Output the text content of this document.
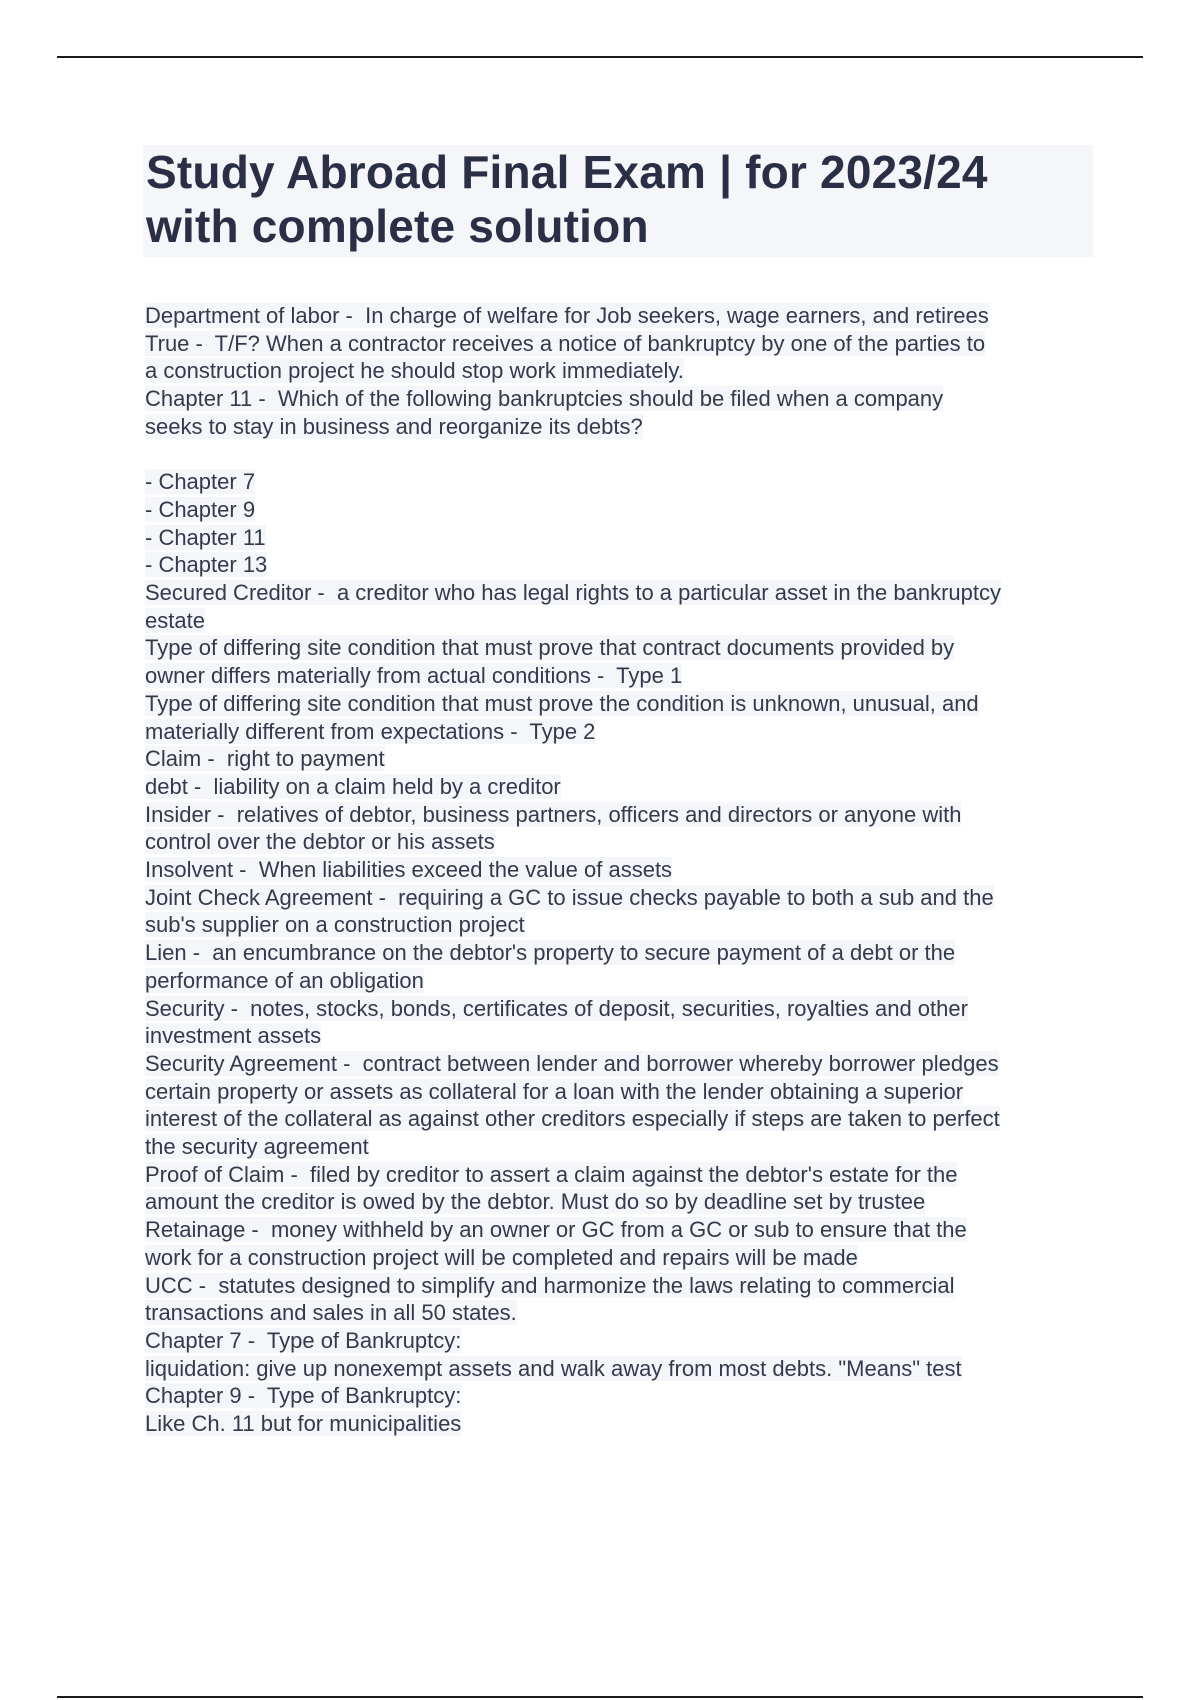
Study Abroad Final Exam | for 2023/24
with complete solution
Department of labor -  In charge of welfare for Job seekers, wage earners, and retirees
True -  T/F? When a contractor receives a notice of bankruptcy by one of the parties to
a construction project he should stop work immediately.
Chapter 11 -  Which of the following bankruptcies should be filed when a company
seeks to stay in business and reorganize its debts?
- Chapter 7
- Chapter 9
- Chapter 11
- Chapter 13
Secured Creditor -  a creditor who has legal rights to a particular asset in the bankruptcy
estate
Type of differing site condition that must prove that contract documents provided by
owner differs materially from actual conditions -  Type 1
Type of differing site condition that must prove the condition is unknown, unusual, and
materially different from expectations -  Type 2
Claim -  right to payment
debt -  liability on a claim held by a creditor
Insider -  relatives of debtor, business partners, officers and directors or anyone with
control over the debtor or his assets
Insolvent -  When liabilities exceed the value of assets
Joint Check Agreement -  requiring a GC to issue checks payable to both a sub and the
sub's supplier on a construction project
Lien -  an encumbrance on the debtor's property to secure payment of a debt or the
performance of an obligation
Security -  notes, stocks, bonds, certificates of deposit, securities, royalties and other
investment assets
Security Agreement -  contract between lender and borrower whereby borrower pledges
certain property or assets as collateral for a loan with the lender obtaining a superior
interest of the collateral as against other creditors especially if steps are taken to perfect
the security agreement
Proof of Claim -  filed by creditor to assert a claim against the debtor's estate for the
amount the creditor is owed by the debtor. Must do so by deadline set by trustee
Retainage -  money withheld by an owner or GC from a GC or sub to ensure that the
work for a construction project will be completed and repairs will be made
UCC -  statutes designed to simplify and harmonize the laws relating to commercial
transactions and sales in all 50 states.
Chapter 7 -  Type of Bankruptcy:
liquidation: give up nonexempt assets and walk away from most debts. "Means" test
Chapter 9 -  Type of Bankruptcy:
Like Ch. 11 but for municipalities
